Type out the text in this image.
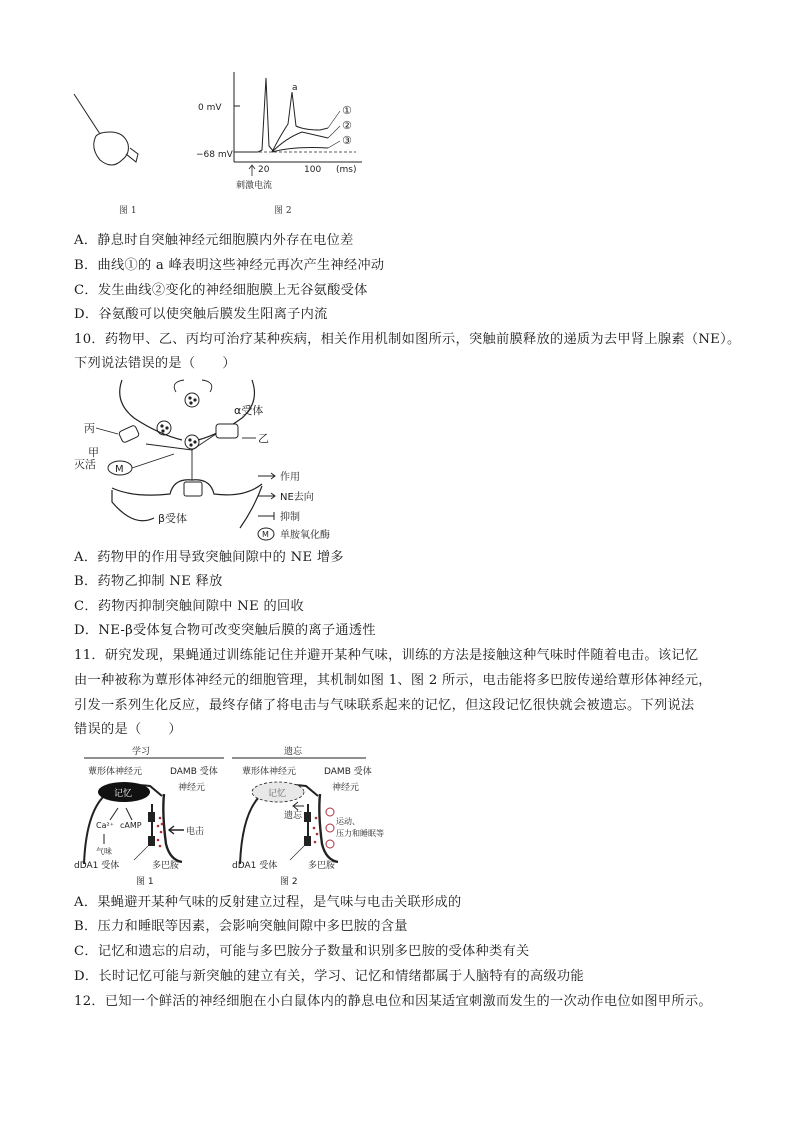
图 1
0 mV
−68 mV
a
①
②
③
20	100 (ms)
刺激电流
图 2
A．静息时自突触神经元细胞膜内外存在电位差
B．曲线①的 a 峰表明这些神经元再次产生神经冲动
C．发生曲线②变化的神经细胞膜上无谷氨酸受体
D．谷氨酸可以使突触后膜发生阳离子内流
10．药物甲、乙、丙均可治疗某种疾病，相关作用机制如图所示，突触前膜释放的递质为去甲肾上腺素（NE）。
下列说法错误的是（　　）
丙
甲
灭活 M
α受体
乙
β受体
作用
NE去向
抑制
M 单胺氧化酶
A．药物甲的作用导致突触间隙中的 NE 增多
B．药物乙抑制 NE 释放
C．药物丙抑制突触间隙中 NE 的回收
D．NE-β受体复合物可改变突触后膜的离子通透性
11．研究发现，果蝇通过训练能记住并避开某种气味，训练的方法是接触这种气味时伴随着电击。该记忆
由一种被称为蕈形体神经元的细胞管理，其机制如图 1、图 2 所示，电击能将多巴胺传递给蕈形体神经元，
引发一系列生化反应，最终存储了将电击与气味联系起来的记忆，但这段记忆很快就会被遗忘。下列说法
错误的是（　　）
学习
蕈形体神经元
记忆
DAMB 受体
神经元
电击
Ca²⁺ cAMP
气味
dDA1 受体	多巴胺
图 1
遗忘
蕈形体神经元
记忆
遗忘
DAMB 受体
神经元
运动、
压力和睡眠等
dDA1 受体	多巴胺
图 2
A．果蝇避开某种气味的反射建立过程，是气味与电击关联形成的
B．压力和睡眠等因素，会影响突触间隙中多巴胺的含量
C．记忆和遗忘的启动，可能与多巴胺分子数量和识别多巴胺的受体种类有关
D．长时记忆可能与新突触的建立有关，学习、记忆和情绪都属于人脑特有的高级功能
12．已知一个鲜活的神经细胞在小白鼠体内的静息电位和因某适宜刺激而发生的一次动作电位如图甲所示。
